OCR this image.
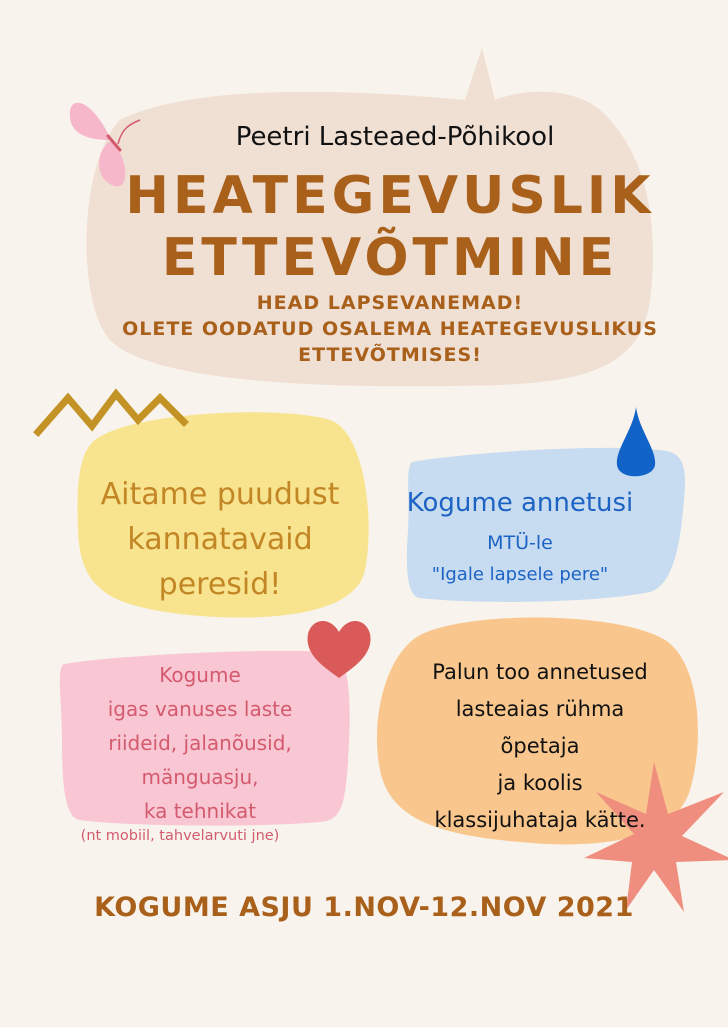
Peetri Lasteaed-Põhikool
HEATEGEVUSLIK
ETTEVÕTMINE
HEAD LAPSEVANEMAD!
OLETE OODATUD OSALEMA HEATEGEVUSLIKUS
ETTEVÕTMISES!
Aitame puudust
kannatavaid
peresid!
Kogume annetusi
MTÜ-le
"Igale lapsele pere"
Kogume
igas vanuses laste
riideid, jalanõusid,
mänguasju,
ka tehnikat
(nt mobiil, tahvelarvuti jne)
Palun too annetused
lasteaias rühma
õpetaja
ja koolis
klassijuhataja kätte.
KOGUME ASJU 1.NOV-12.NOV 2021
